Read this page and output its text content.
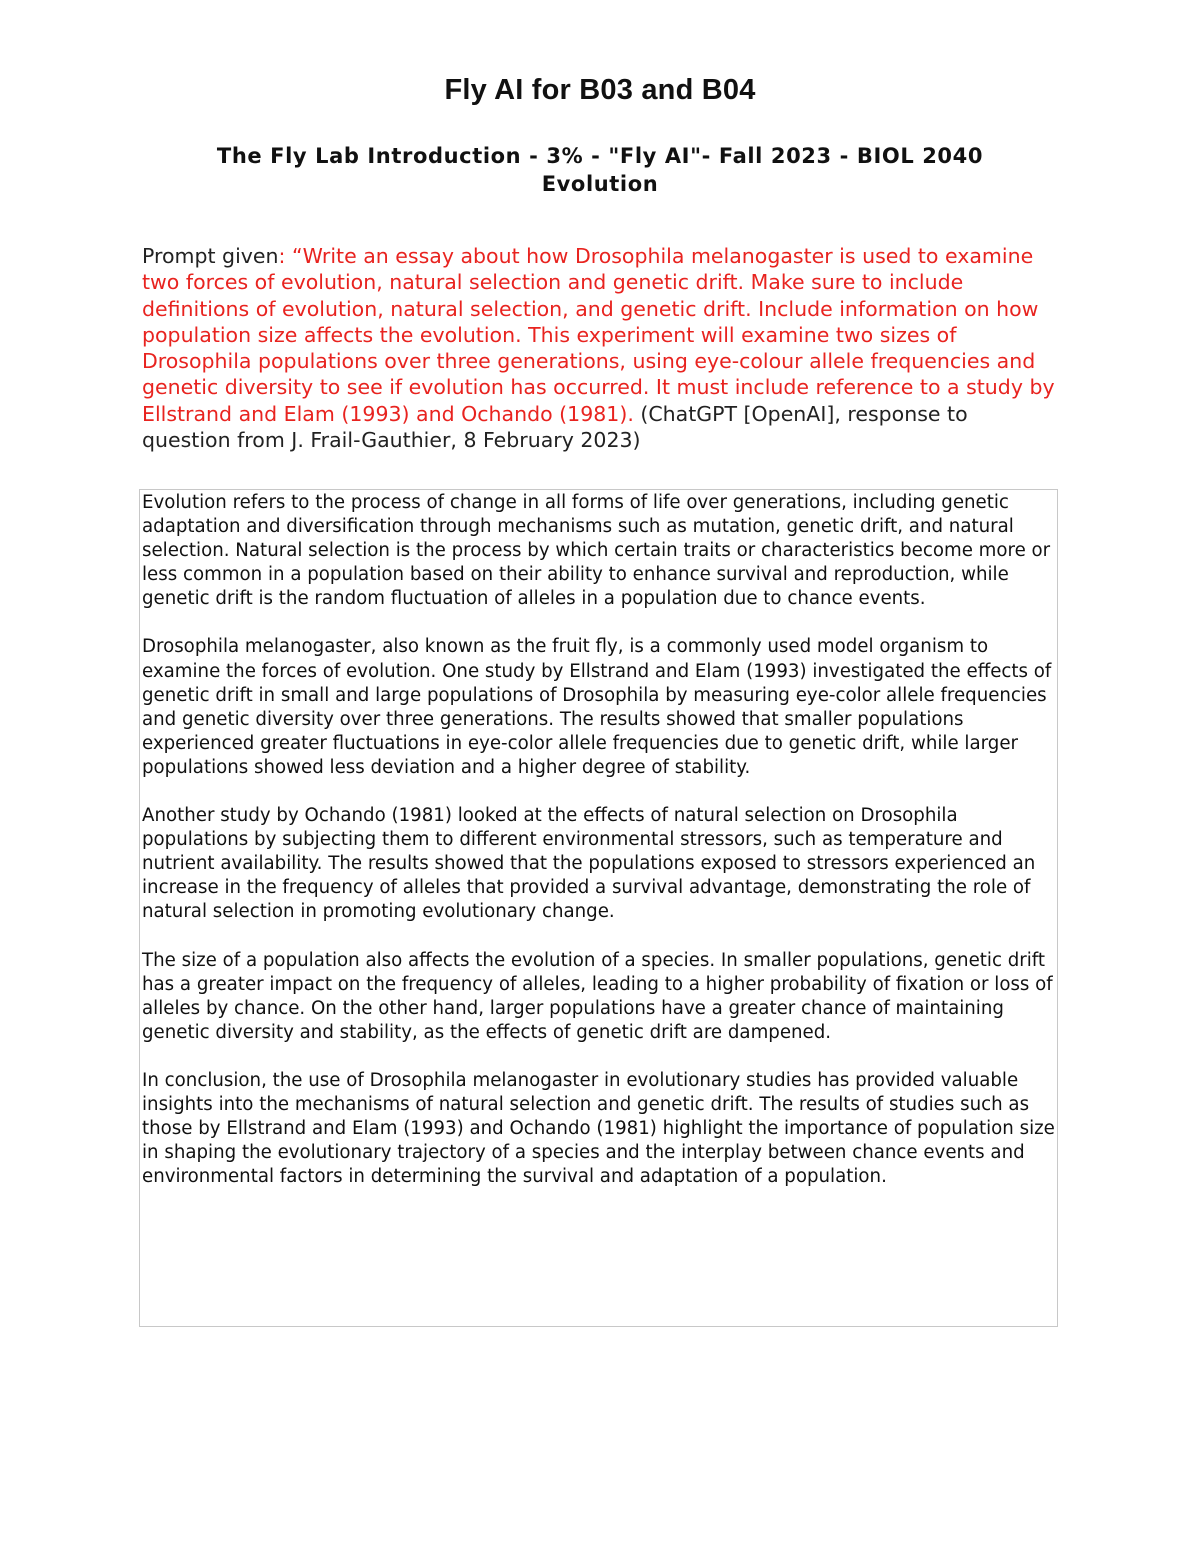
Fly AI for B03 and B04
The Fly Lab Introduction - 3% - "Fly AI"- Fall 2023 - BIOL 2040 Evolution
Prompt given: “Write an essay about how Drosophila melanogaster is used to examine two forces of evolution, natural selection and genetic drift. Make sure to include definitions of evolution, natural selection, and genetic drift. Include information on how population size affects the evolution. This experiment will examine two sizes of Drosophila populations over three generations, using eye-colour allele frequencies and genetic diversity to see if evolution has occurred. It must include reference to a study by Ellstrand and Elam (1993) and Ochando (1981). (ChatGPT [OpenAI], response to question from J. Frail-Gauthier, 8 February 2023)

Evolution refers to the process of change in all forms of life over generations, including genetic adaptation and diversification through mechanisms such as mutation, genetic drift, and natural selection. Natural selection is the process by which certain traits or characteristics become more or less common in a population based on their ability to enhance survival and reproduction, while genetic drift is the random fluctuation of alleles in a population due to chance events.

Drosophila melanogaster, also known as the fruit fly, is a commonly used model organism to examine the forces of evolution. One study by Ellstrand and Elam (1993) investigated the effects of genetic drift in small and large populations of Drosophila by measuring eye-color allele frequencies and genetic diversity over three generations. The results showed that smaller populations experienced greater fluctuations in eye-color allele frequencies due to genetic drift, while larger populations showed less deviation and a higher degree of stability.

Another study by Ochando (1981) looked at the effects of natural selection on Drosophila populations by subjecting them to different environmental stressors, such as temperature and nutrient availability. The results showed that the populations exposed to stressors experienced an increase in the frequency of alleles that provided a survival advantage, demonstrating the role of natural selection in promoting evolutionary change.

The size of a population also affects the evolution of a species. In smaller populations, genetic drift has a greater impact on the frequency of alleles, leading to a higher probability of fixation or loss of alleles by chance. On the other hand, larger populations have a greater chance of maintaining genetic diversity and stability, as the effects of genetic drift are dampened.

In conclusion, the use of Drosophila melanogaster in evolutionary studies has provided valuable insights into the mechanisms of natural selection and genetic drift. The results of studies such as those by Ellstrand and Elam (1993) and Ochando (1981) highlight the importance of population size in shaping the evolutionary trajectory of a species and the interplay between chance events and environmental factors in determining the survival and adaptation of a population.
